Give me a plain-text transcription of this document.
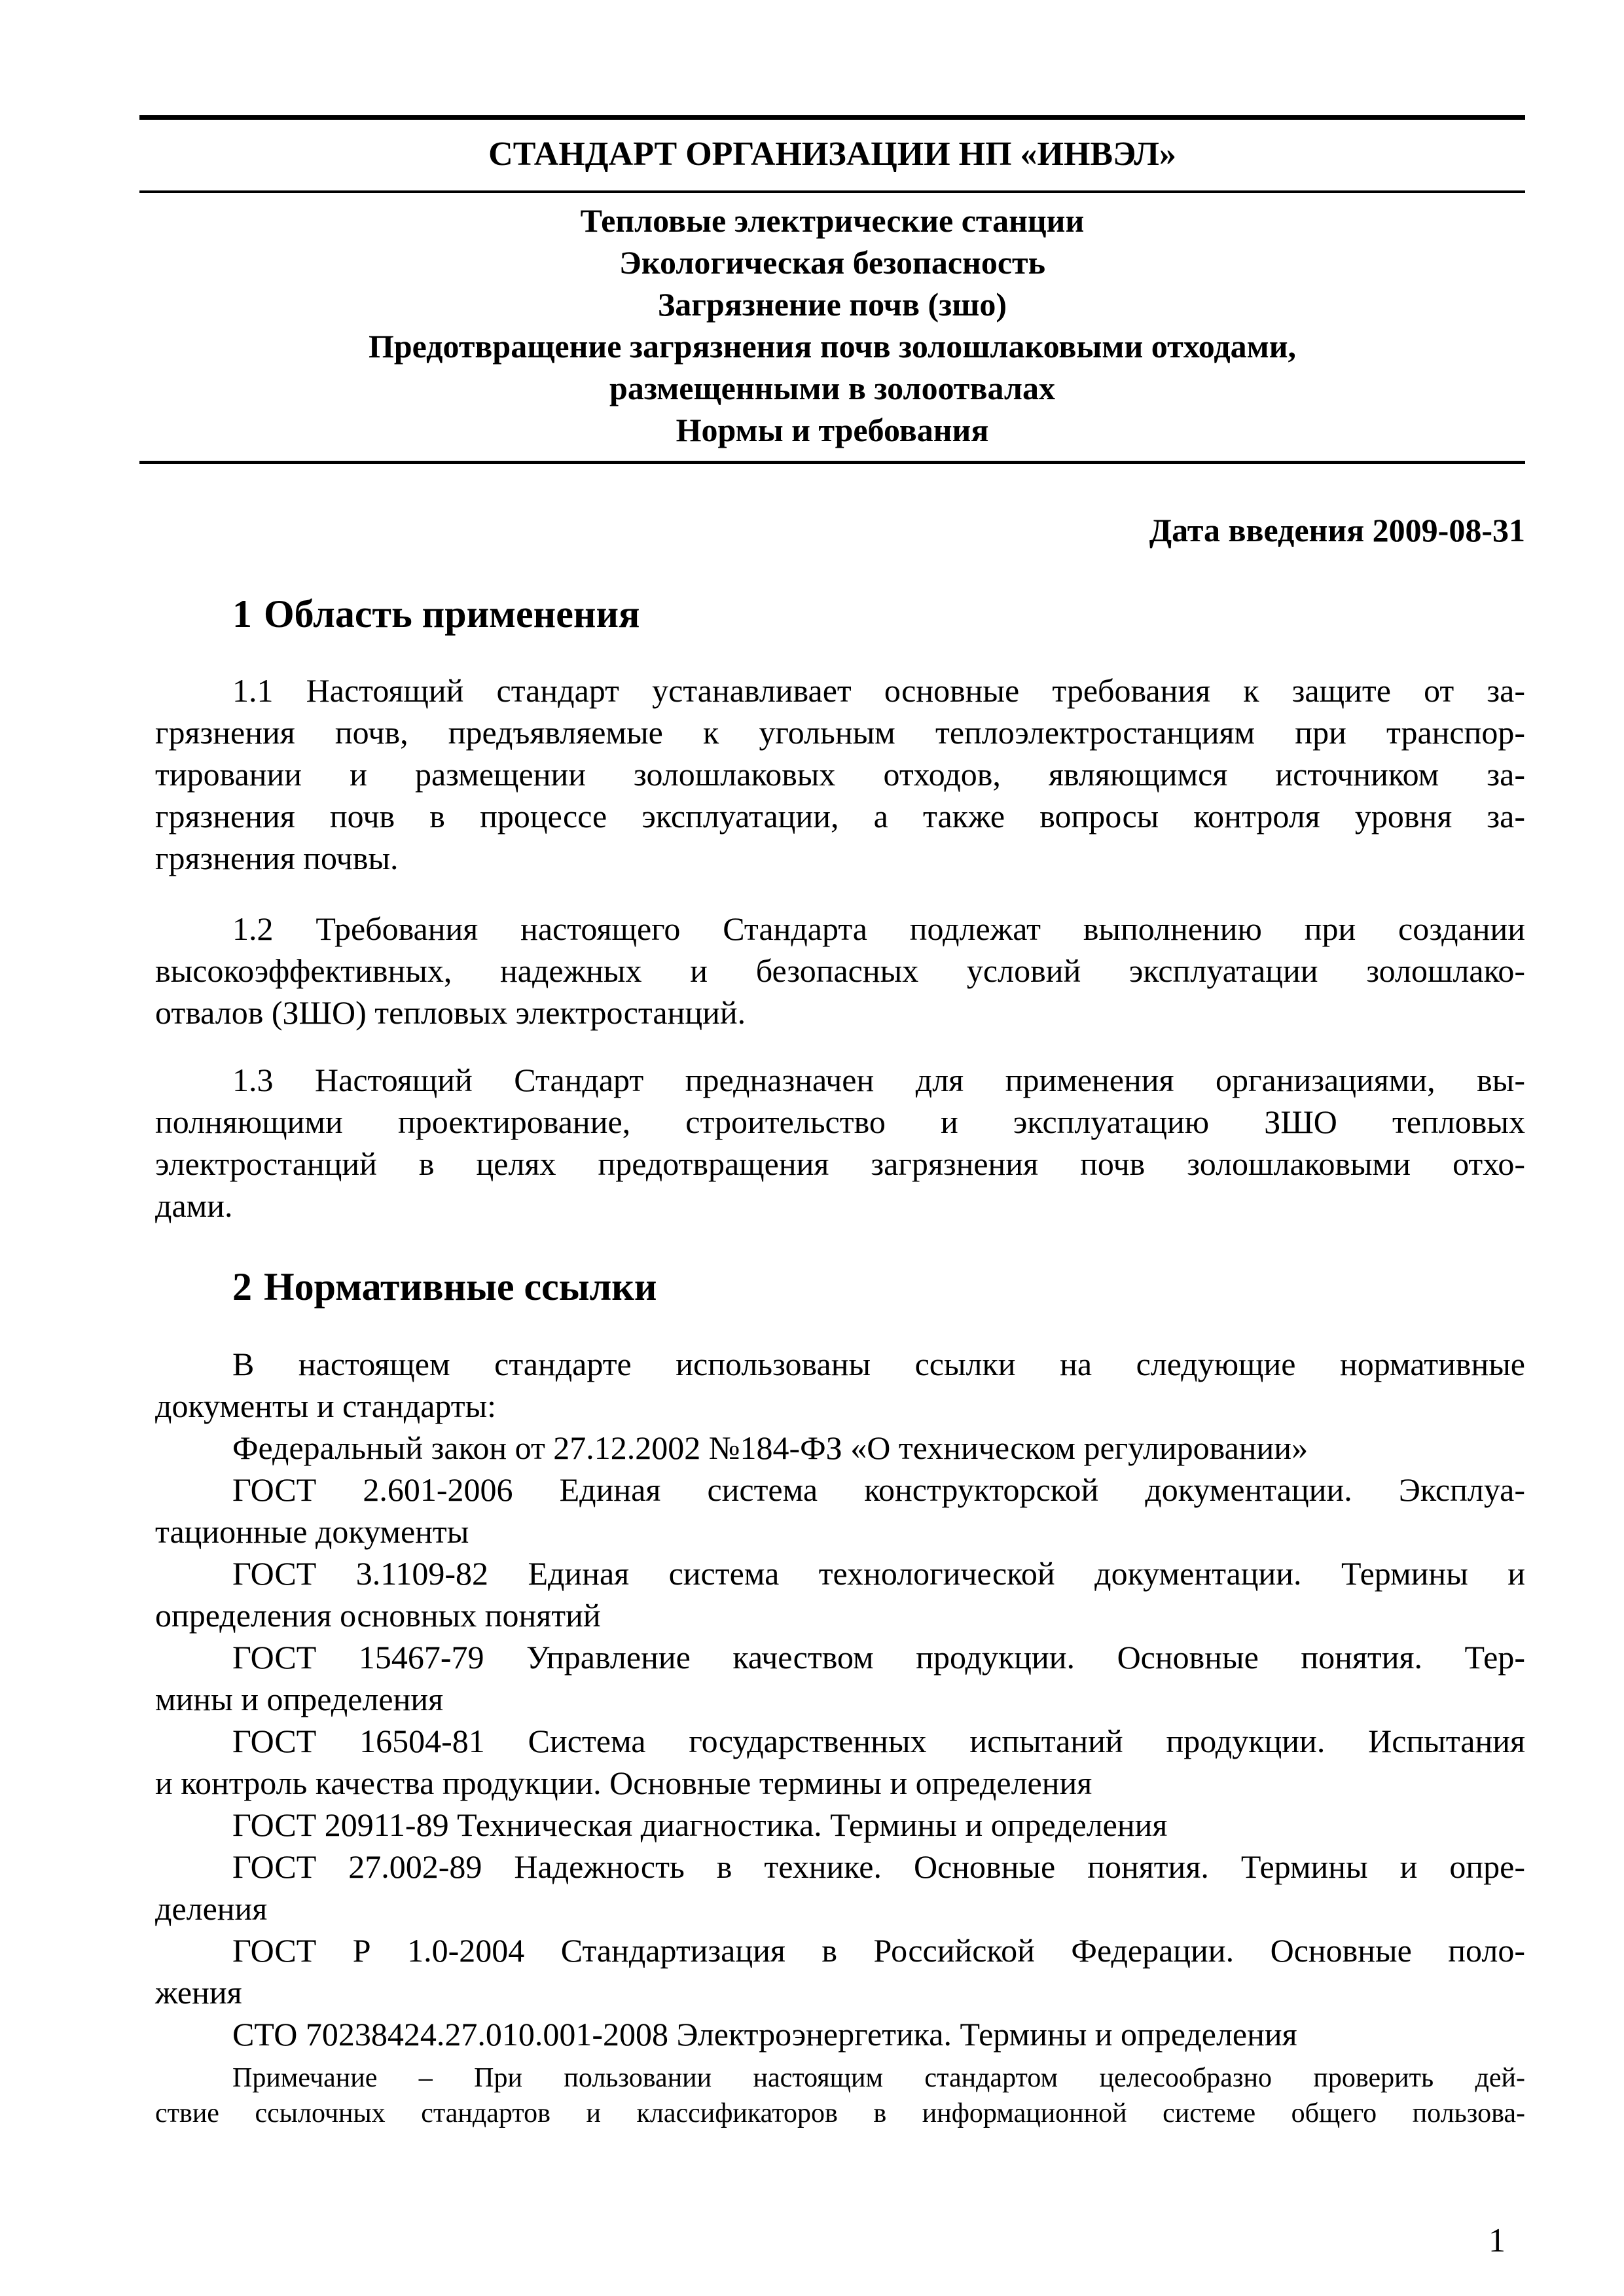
СТАНДАРТ ОРГАНИЗАЦИИ НП «ИНВЭЛ»
Тепловые электрические станции
Экологическая безопасность
Загрязнение почв (зшо)
Предотвращение загрязнения почв золошлаковыми отходами,
размещенными в золоотвалах
Нормы и требования
Дата введения 2009-08-31
1 Область применения
1.1 Настоящий стандарт устанавливает основные требования к защите от за-
грязнения почв, предъявляемые к угольным теплоэлектростанциям при транспор-
тировании и размещении золошлаковых отходов, являющимся источником за-
грязнения почв в процессе эксплуатации, а также вопросы контроля уровня за-
грязнения почвы.
1.2 Требования настоящего Стандарта подлежат выполнению при создании
высокоэффективных, надежных и безопасных условий эксплуатации золошлако-
отвалов (ЗШО) тепловых электростанций.
1.3 Настоящий Стандарт предназначен для применения организациями, вы-
полняющими проектирование, строительство и эксплуатацию ЗШО тепловых
электростанций в целях предотвращения загрязнения почв золошлаковыми отхо-
дами.
2 Нормативные ссылки
В настоящем стандарте использованы ссылки на следующие нормативные
документы и стандарты:
Федеральный закон от 27.12.2002 №184-ФЗ «О техническом регулировании»
ГОСТ 2.601-2006 Единая система конструкторской документации. Эксплуа-
тационные документы
ГОСТ 3.1109-82 Единая система технологической документации. Термины и
определения основных понятий
ГОСТ 15467-79 Управление качеством продукции. Основные понятия. Тер-
мины и определения
ГОСТ 16504-81 Система государственных испытаний продукции. Испытания
и контроль качества продукции. Основные термины и определения
ГОСТ 20911-89 Техническая диагностика. Термины и определения
ГОСТ 27.002-89 Надежность в технике. Основные понятия. Термины и опре-
деления
ГОСТ Р 1.0-2004 Стандартизация в Российской Федерации. Основные поло-
жения
СТО 70238424.27.010.001-2008 Электроэнергетика. Термины и определения
Примечание – При пользовании настоящим стандартом целесообразно проверить дей-
ствие ссылочных стандартов и классификаторов в информационной системе общего пользова-
1
